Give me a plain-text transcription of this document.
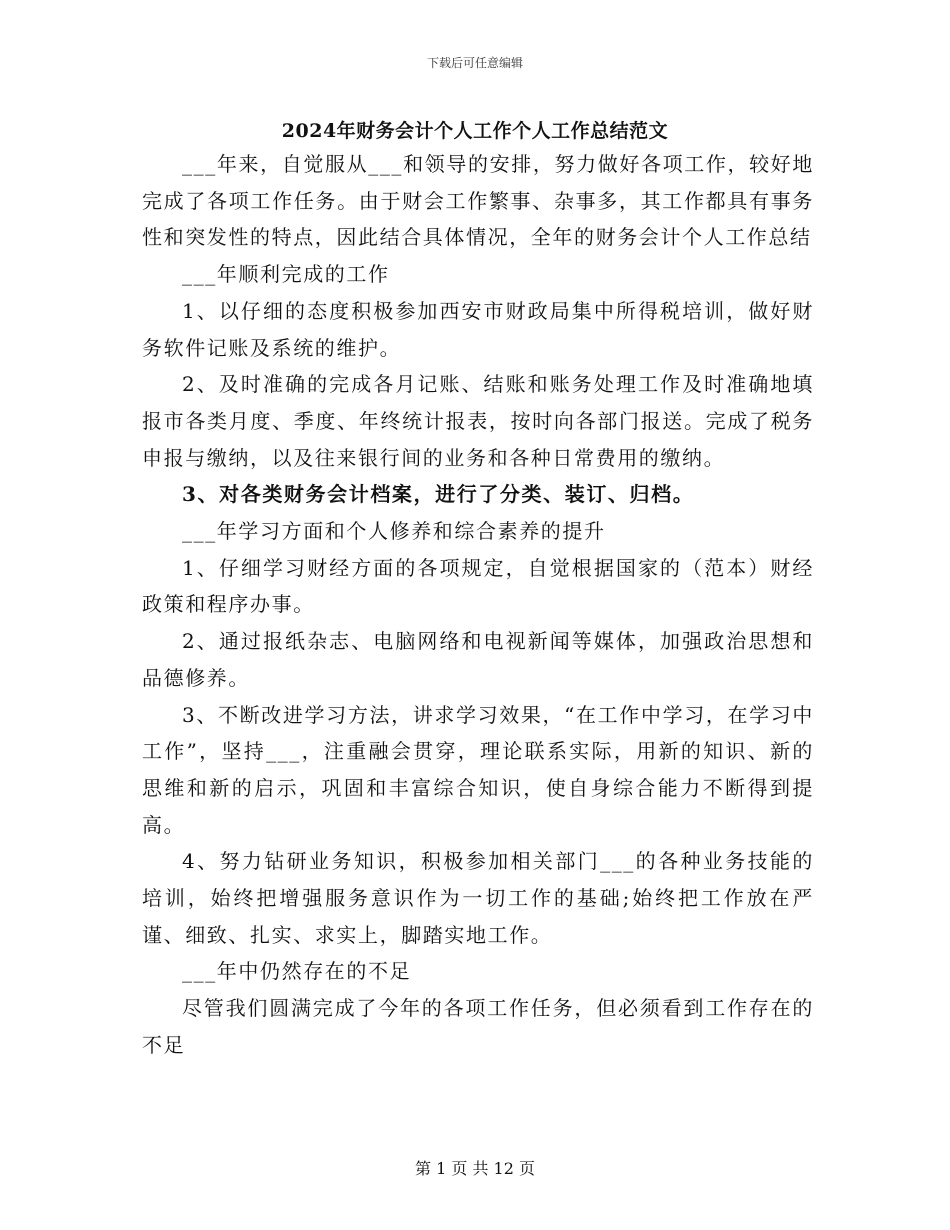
下载后可任意编辑
2024年财务会计个人工作个人工作总结范文

___年来，自觉服从___和领导的安排，努力做好各项工作，较好地完成了各项工作任务。由于财会工作繁事、杂事多，其工作都具有事务性和突发性的特点，因此结合具体情况，全年的财务会计个人工作总结

___年顺利完成的工作

1、以仔细的态度积极参加西安市财政局集中所得税培训，做好财务软件记账及系统的维护。

2、及时准确的完成各月记账、结账和账务处理工作及时准确地填报市各类月度、季度、年终统计报表，按时向各部门报送。完成了税务申报与缴纳，以及往来银行间的业务和各种日常费用的缴纳。

3、对各类财务会计档案，进行了分类、装订、归档。

___年学习方面和个人修养和综合素养的提升

1、仔细学习财经方面的各项规定，自觉根据国家的（范本）财经政策和程序办事。

2、通过报纸杂志、电脑网络和电视新闻等媒体，加强政治思想和品德修养。

3、不断改进学习方法，讲求学习效果，“在工作中学习，在学习中工作”，坚持___，注重融会贯穿，理论联系实际，用新的知识、新的思维和新的启示，巩固和丰富综合知识，使自身综合能力不断得到提高。

4、努力钻研业务知识，积极参加相关部门___的各种业务技能的培训，始终把增强服务意识作为一切工作的基础;始终把工作放在严谨、细致、扎实、求实上，脚踏实地工作。

___年中仍然存在的不足

尽管我们圆满完成了今年的各项工作任务，但必须看到工作存在的不足

第 1 页 共 12 页
